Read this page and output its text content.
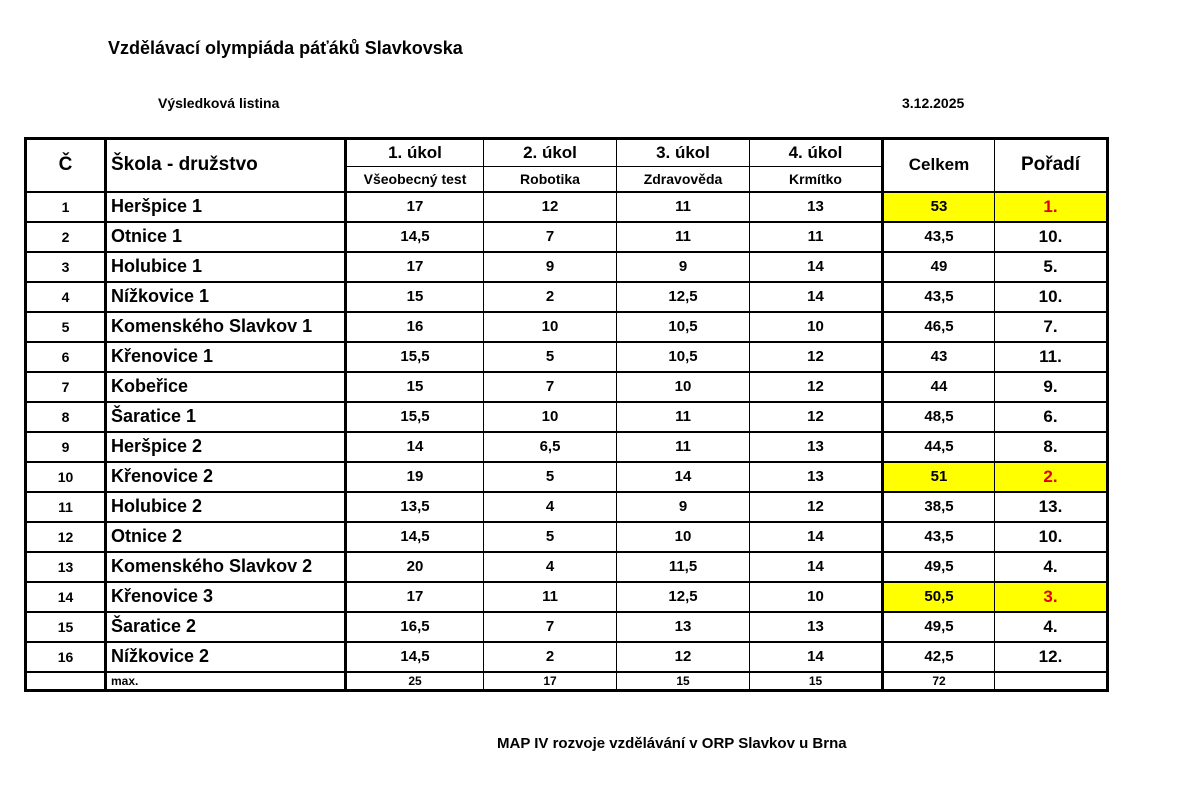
Vzdělávací olympiáda páťáků Slavkovska
Výsledková listina	3.12.2025
Č	Škola - družstvo	1. úkol	2. úkol	3. úkol	4. úkol	Celkem	Pořadí
		Všeobecný test	Robotika	Zdravověda	Krmítko		
1	Heršpice 1	17	12	11	13	53	1.
2	Otnice 1	14,5	7	11	11	43,5	10.
3	Holubice 1	17	9	9	14	49	5.
4	Nížkovice 1	15	2	12,5	14	43,5	10.
5	Komenského Slavkov 1	16	10	10,5	10	46,5	7.
6	Křenovice 1	15,5	5	10,5	12	43	11.
7	Kobeřice	15	7	10	12	44	9.
8	Šaratice 1	15,5	10	11	12	48,5	6.
9	Heršpice 2	14	6,5	11	13	44,5	8.
10	Křenovice 2	19	5	14	13	51	2.
11	Holubice 2	13,5	4	9	12	38,5	13.
12	Otnice 2	14,5	5	10	14	43,5	10.
13	Komenského Slavkov 2	20	4	11,5	14	49,5	4.
14	Křenovice 3	17	11	12,5	10	50,5	3.
15	Šaratice 2	16,5	7	13	13	49,5	4.
16	Nížkovice 2	14,5	2	12	14	42,5	12.
	max.	25	17	15	15	72	
MAP IV rozvoje vzdělávání v ORP Slavkov u Brna
